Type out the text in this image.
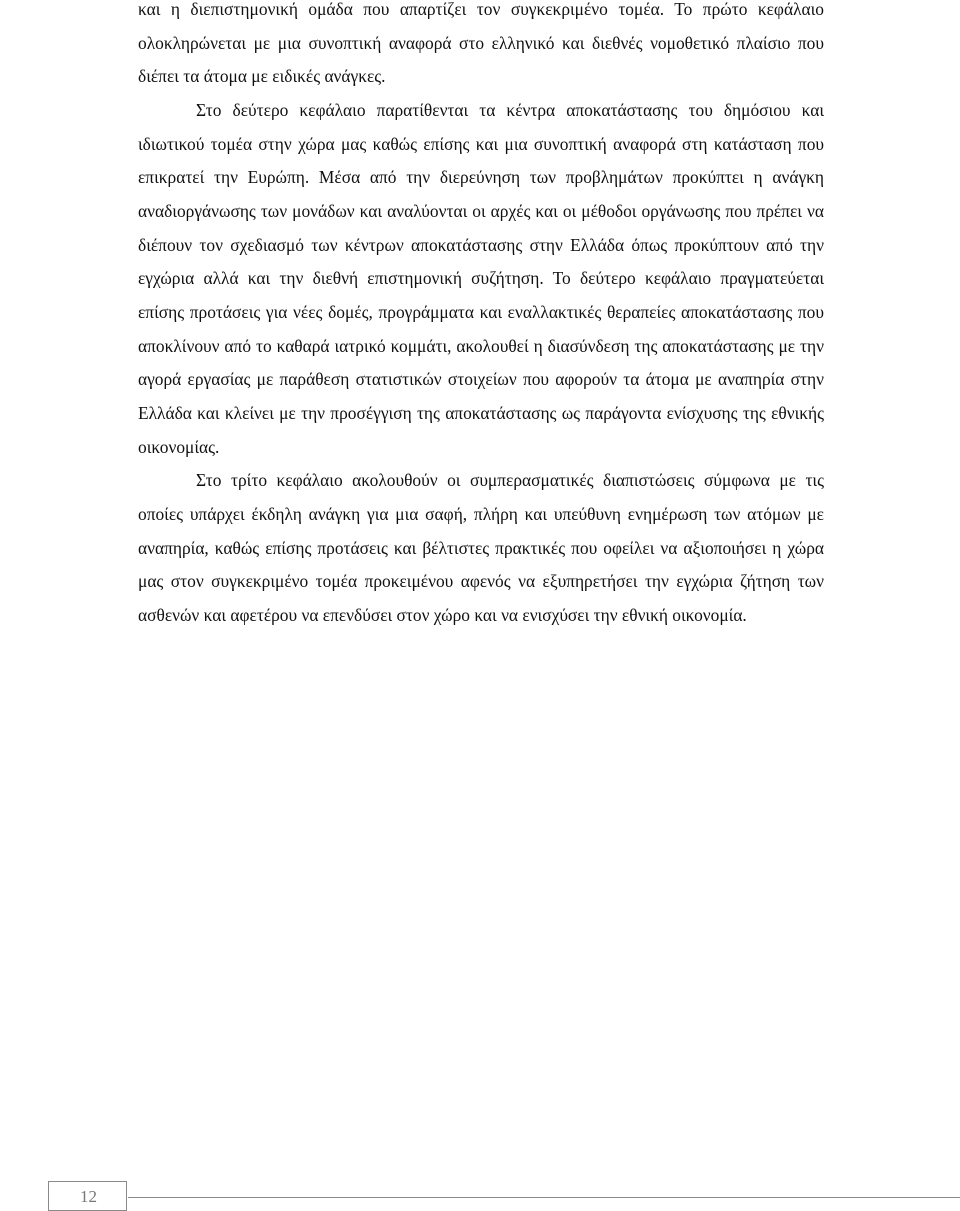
και η διεπιστημονική ομάδα που απαρτίζει τον συγκεκριμένο τομέα. Το πρώτο κεφάλαιο ολοκληρώνεται με μια συνοπτική αναφορά στο ελληνικό και διεθνές νομοθετικό πλαίσιο που διέπει τα άτομα με ειδικές ανάγκες.

Στο δεύτερο κεφάλαιο παρατίθενται τα κέντρα αποκατάστασης του δημόσιου και ιδιωτικού τομέα στην χώρα μας καθώς επίσης και μια συνοπτική αναφορά στη κατάσταση που επικρατεί την Ευρώπη. Μέσα από την διερεύνηση των προβλημάτων προκύπτει η ανάγκη αναδιοργάνωσης των μονάδων και αναλύονται οι αρχές και οι μέθοδοι οργάνωσης που πρέπει να διέπουν τον σχεδιασμό των κέντρων αποκατάστασης στην Ελλάδα όπως προκύπτουν από την εγχώρια αλλά και την διεθνή επιστημονική συζήτηση. Το δεύτερο κεφάλαιο πραγματεύεται επίσης προτάσεις για νέες δομές, προγράμματα και εναλλακτικές θεραπείες αποκατάστασης που αποκλίνουν από το καθαρά ιατρικό κομμάτι, ακολουθεί η διασύνδεση της αποκατάστασης με την αγορά εργασίας με παράθεση στατιστικών στοιχείων που αφορούν τα άτομα με αναπηρία στην Ελλάδα και κλείνει με την προσέγγιση της αποκατάστασης ως παράγοντα ενίσχυσης της εθνικής οικονομίας.

Στο τρίτο κεφάλαιο ακολουθούν οι συμπερασματικές διαπιστώσεις σύμφωνα με τις οποίες υπάρχει έκδηλη ανάγκη για μια σαφή, πλήρη και υπεύθυνη ενημέρωση των ατόμων με αναπηρία, καθώς επίσης προτάσεις και βέλτιστες πρακτικές που οφείλει να αξιοποιήσει η χώρα μας στον συγκεκριμένο τομέα προκειμένου αφενός να εξυπηρετήσει την εγχώρια ζήτηση των ασθενών και αφετέρου να επενδύσει στον χώρο και να ενισχύσει την εθνική οικονομία.

12
